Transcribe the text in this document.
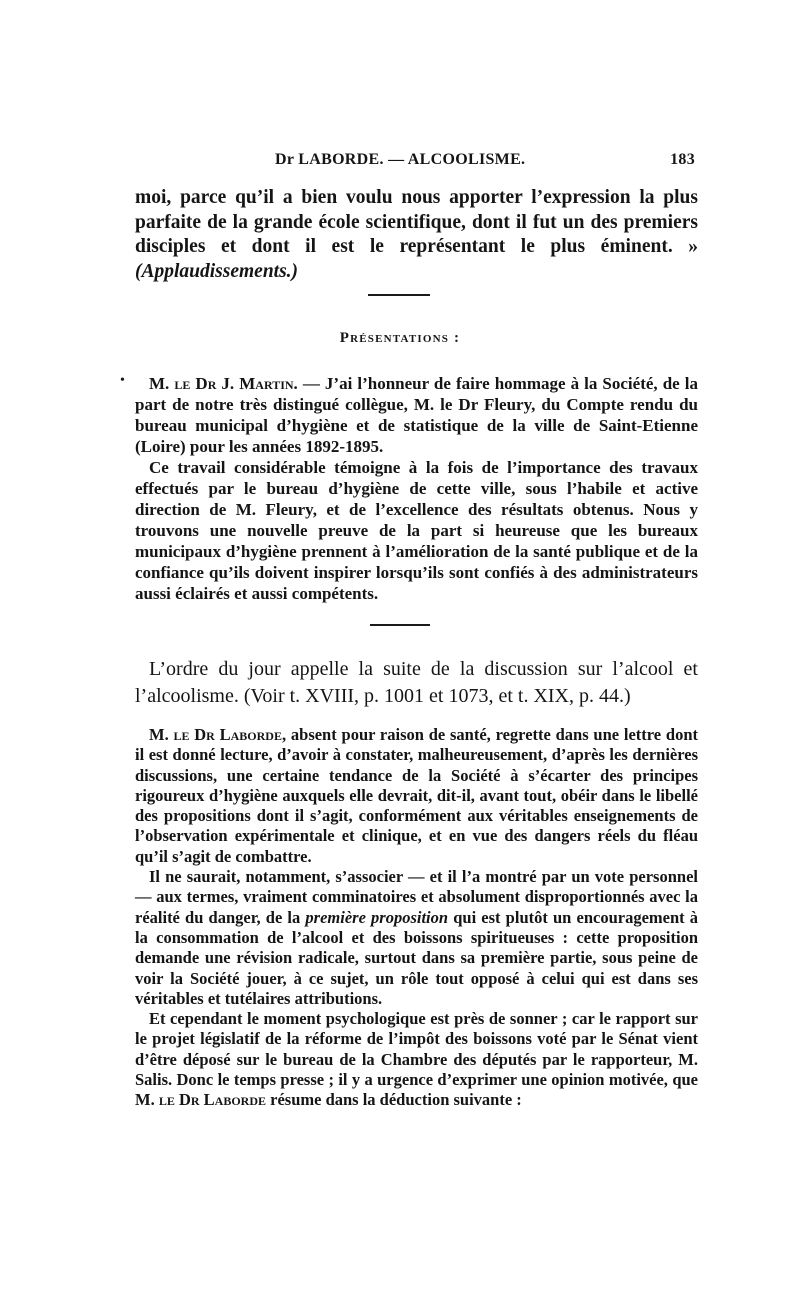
Dr LABORDE. — ALCOOLISME.	183
moi, parce qu’il a bien voulu nous apporter l’expression la plus parfaite de la grande école scientifique, dont il fut un des premiers disciples et dont il est le représentant le plus éminent. » (Applaudissements.)
Présentations :
•	M. le Dr J. Martin. — J’ai l’honneur de faire hommage à la Société, de la part de notre très distingué collègue, M. le Dr Fleury, du Compte rendu du bureau municipal d’hygiène et de statistique de la ville de Saint-Etienne (Loire) pour les années 1892-1895.

Ce travail considérable témoigne à la fois de l’importance des travaux effectués par le bureau d’hygiène de cette ville, sous l’habile et active direction de M. Fleury, et de l’excellence des résultats obtenus. Nous y trouvons une nouvelle preuve de la part si heureuse que les bureaux municipaux d’hygiène prennent à l’amélioration de la santé publique et de la confiance qu’ils doivent inspirer lorsqu’ils sont confiés à des administrateurs aussi éclairés et aussi compétents.

L’ordre du jour appelle la suite de la discussion sur l’alcool et l’alcoolisme. (Voir t. XVIII, p. 1001 et 1073, et t. XIX, p. 44.)

M. le Dr Laborde, absent pour raison de santé, regrette dans une lettre dont il est donné lecture, d’avoir à constater, malheureusement, d’après les dernières discussions, une certaine tendance de la Société à s’écarter des principes rigoureux d’hygiène auxquels elle devrait, dit-il, avant tout, obéir dans le libellé des propositions dont il s’agit, conformément aux véritables enseignements de l’observation expérimentale et clinique, et en vue des dangers réels du fléau qu’il s’agit de combattre.

Il ne saurait, notamment, s’associer — et il l’a montré par un vote personnel — aux termes, vraiment comminatoires et absolument disproportionnés avec la réalité du danger, de la première proposition qui est plutôt un encouragement à la consommation de l’alcool et des boissons spiritueuses : cette proposition demande une révision radicale, surtout dans sa première partie, sous peine de voir la Société jouer, à ce sujet, un rôle tout opposé à celui qui est dans ses véritables et tutélaires attributions.

Et cependant le moment psychologique est près de sonner ; car le rapport sur le projet législatif de la réforme de l’impôt des boissons voté par le Sénat vient d’être déposé sur le bureau de la Chambre des députés par le rapporteur, M. Salis. Donc le temps presse ; il y a urgence d’exprimer une opinion motivée, que M. le Dr Laborde résume dans la déduction suivante :
